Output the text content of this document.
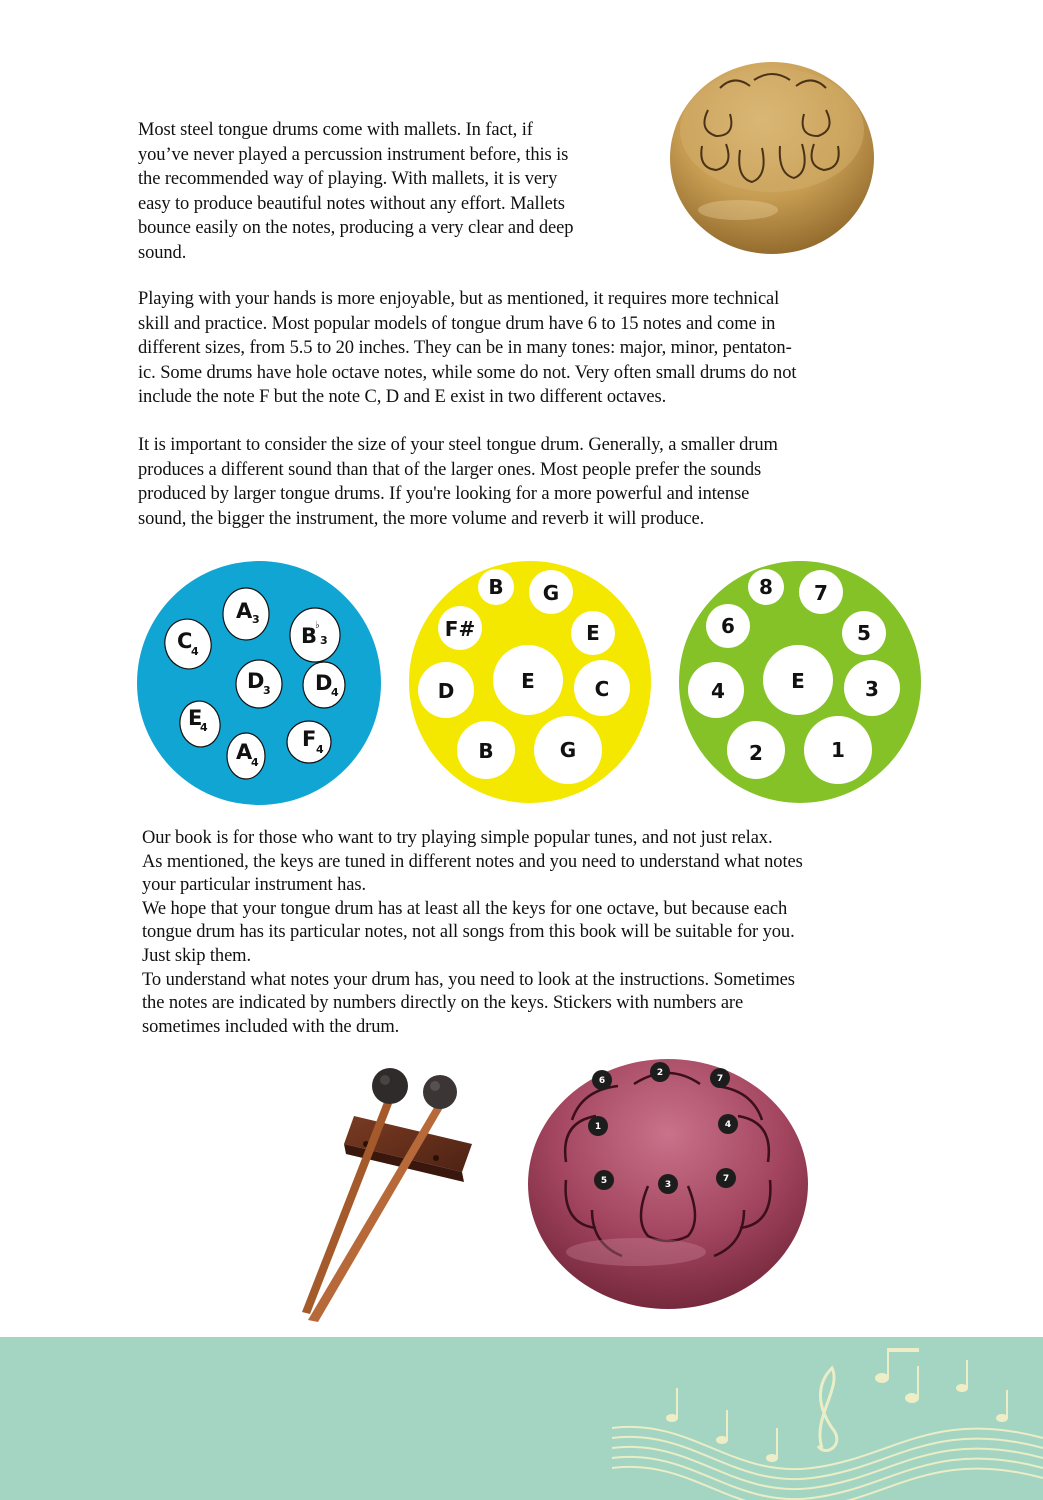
Most steel tongue drums come with mallets. In fact, if
you’ve never played a percussion instrument before, this is
the recommended way of playing. With mallets, it is very
easy to produce beautiful notes without any effort. Mallets
bounce easily on the notes, producing a very clear and deep
sound.

Playing with your hands is more enjoyable, but as mentioned, it requires more technical
skill and practice. Most popular models of tongue drum have 6 to 15 notes and come in
different sizes, from 5.5 to 20 inches. They can be in many tones: major, minor, pentaton-
ic. Some drums have hole octave notes, while some do not. Very often small drums do not
include the note F but the note C, D and E exist in two different octaves.

It is important to consider the size of your steel tongue drum. Generally, a smaller drum
produces a different sound than that of the larger ones. Most people prefer the sounds
produced by larger tongue drums. If you're looking for a more powerful and intense
sound, the bigger the instrument, the more volume and reverb it will produce.

A
C	B
D D
E
A
F
3
4
3
3	4
4
4
4
♭
B G
F#	E
E
D	C
B	G
8 7
6	5
E
4	3
2	1

Our book is for those who want to try playing simple popular tunes, and not just relax.
As mentioned, the keys are tuned in different notes and you need to understand what notes
your particular instrument has.
We hope that your tongue drum has at least all the keys for one octave, but because each
tongue drum has its particular notes, not all songs from this book will be suitable for you.
Just skip them.
To understand what notes your drum has, you need to look at the instructions. Sometimes
the notes are indicated by numbers directly on the keys. Stickers with numbers are
sometimes included with the drum.

2
6	7
1	4
5	3
7
